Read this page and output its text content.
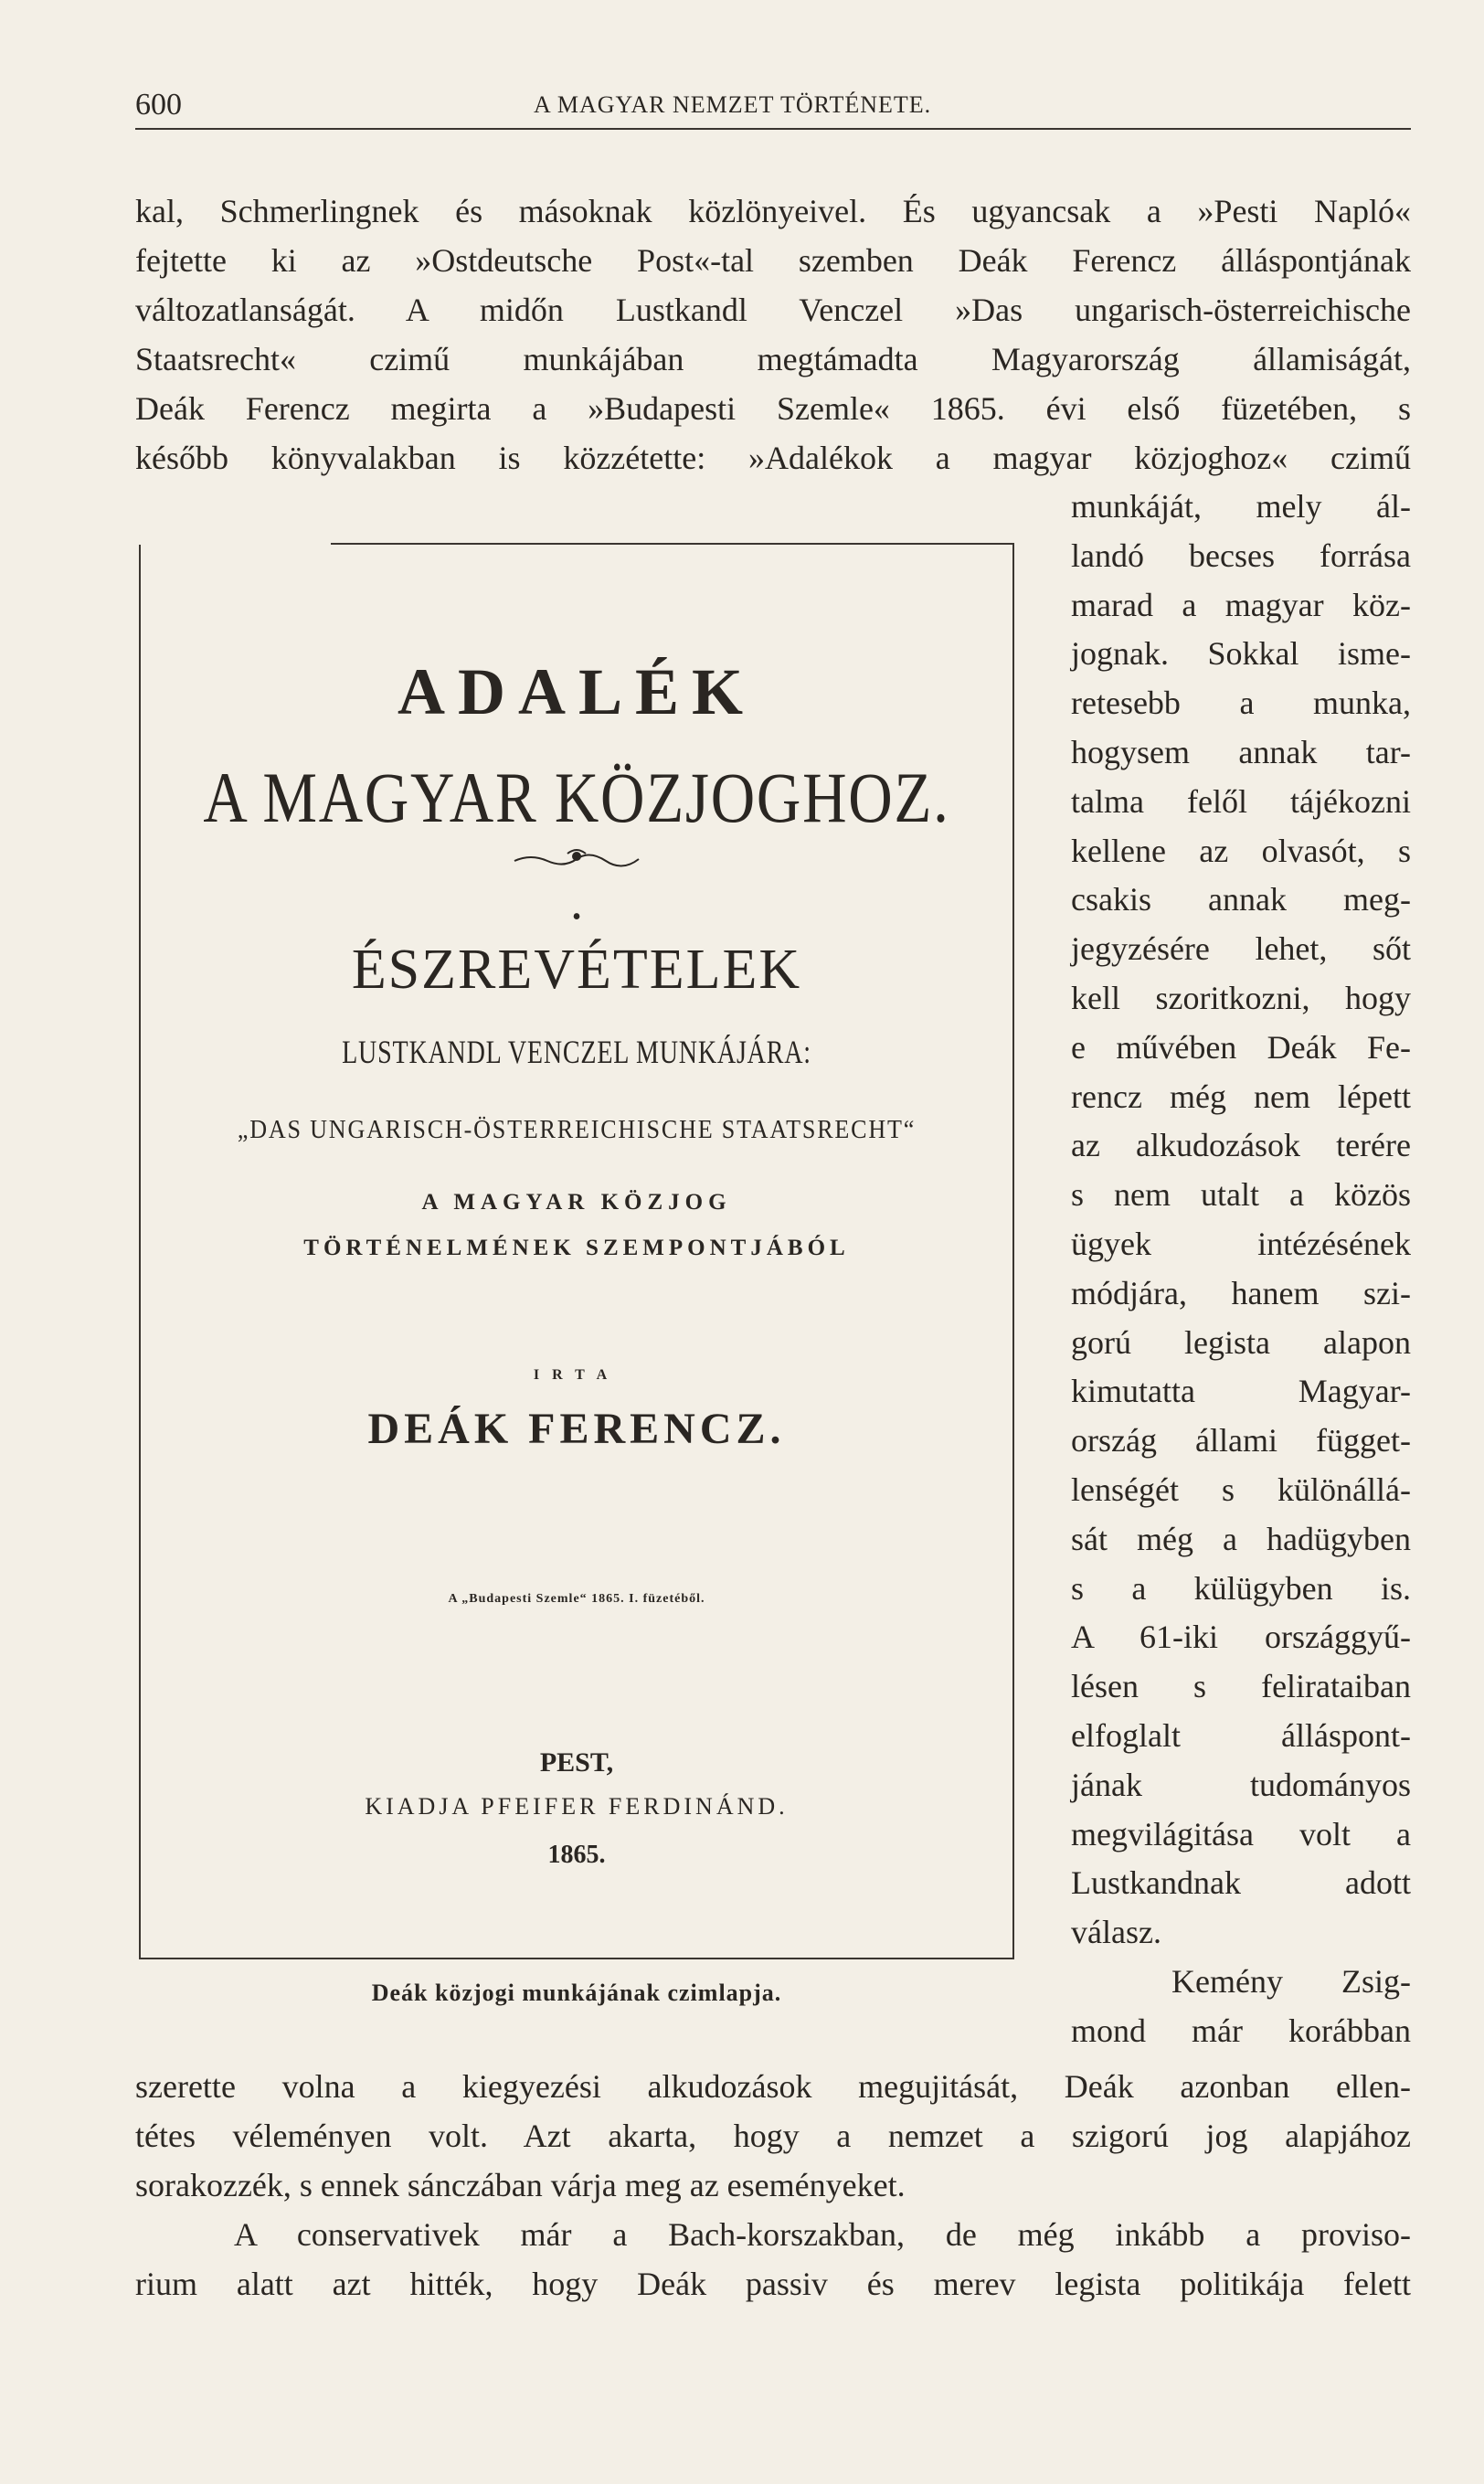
600	A MAGYAR NEMZET TÖRTÉNETE.
kal, Schmerlingnek és másoknak közlönyeivel. És ugyancsak a »Pesti Napló«
fejtette ki az »Ostdeutsche Post«-tal szemben Deák Ferencz álláspontjának
változatlanságát. A midőn Lustkandl Venczel »Das ungarisch-österreichische
Staatsrecht« czimű munkájában megtámadta Magyarország államiságát,
Deák Ferencz megirta a »Budapesti Szemle« 1865. évi első füzetében, s
később könyvalakban is közzétette: »Adalékok a magyar közjoghoz« czimű

munkáját, mely ál-

landó becses forrása

marad a magyar köz-

jognak. Sokkal isme-

retesebb a munka,

hogysem annak tar-

talma felől tájékozni

kellene az olvasót, s

csakis annak meg-

jegyzésére lehet, sőt

kell szoritkozni, hogy

e művében Deák Fe-

rencz még nem lépett

az alkudozások terére

s nem utalt a közös

ügyek intézésének

módjára, hanem szi-

gorú legista alapon

kimutatta Magyar-

ország állami függet-

lenségét s különállá-

sát még a hadügyben

s a külügyben is.

A 61-iki országgyű-

lésen s felirataiban

elfoglalt álláspont-

jának tudományos

megvilágitása volt a

Lustkandnak adott

válasz.

Kemény Zsig-

mond már korábban

ADALÉK
A MAGYAR KÖZJOGHOZ.
•
ÉSZREVÉTELEK
LUSTKANDL VENCZEL MUNKÁJÁRA:
„DAS UNGARISCH-ÖSTERREICHISCHE STAATSRECHT“
A MAGYAR KÖZJOG
TÖRTÉNELMÉNEK SZEMPONTJÁBÓL
IRTA
DEÁK FERENCZ.
A „Budapesti Szemle“ 1865. I. füzetéből.
PEST,
KIADJA PFEIFER FERDINÁND.
1865.
Deák közjogi munkájának czimlapja.
szerette volna a kiegyezési alkudozások megujitását, Deák azonban ellen-
tétes véleményen volt. Azt akarta, hogy a nemzet a szigorú jog alapjához
sorakozzék, s ennek sánczában várja meg az eseményeket.
A conservativek már a Bach-korszakban, de még inkább a proviso-
rium alatt azt hitték, hogy Deák passiv és merev legista politikája felett
